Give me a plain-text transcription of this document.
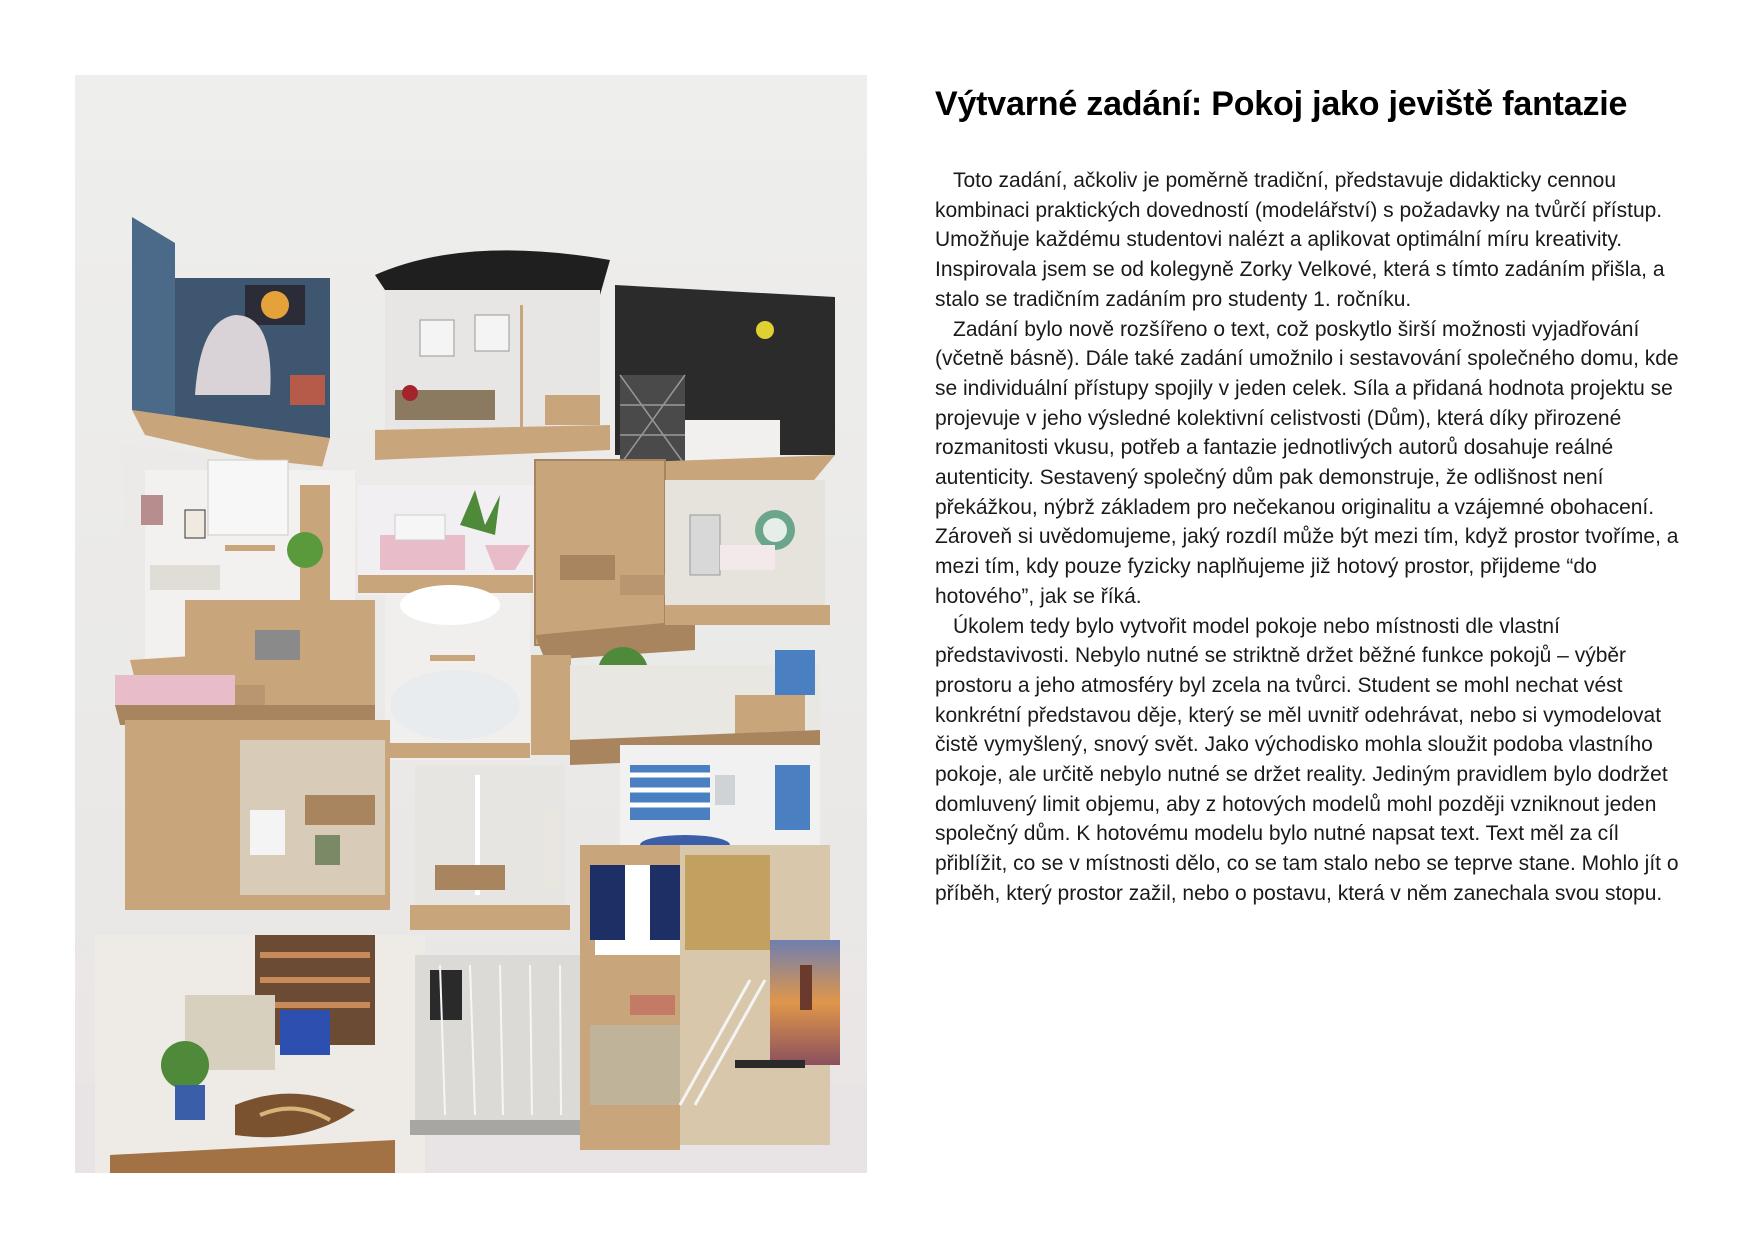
Výtvarné zadání: Pokoj jako jeviště fantazie

Toto zadání, ačkoliv je poměrně tradiční, představuje didakticky cennou kombinaci praktických dovedností (modelářství) s požadavky na tvůrčí přístup. Umožňuje každému studentovi nalézt a aplikovat optimální míru kreativity. Inspirovala jsem se od kolegyně Zorky Velkové, která s tímto zadáním přišla, a stalo se tradičním zadáním pro studenty 1. ročníku.

Zadání bylo nově rozšířeno o text, což poskytlo širší možnosti vyjadřování (včetně básně). Dále také zadání umožnilo i sestavování společného domu, kde se individuální přístupy spojily v jeden celek. Síla a přidaná hodnota projektu se projevuje v jeho výsledné kolektivní celistvosti (Dům), která díky přirozené rozmanitosti vkusu, potřeb a fantazie jednotlivých autorů dosahuje reálné autenticity. Sestavený společný dům pak demonstruje, že odlišnost není překážkou, nýbrž základem pro nečekanou originalitu a vzájemné obohacení. Zároveň si uvědomujeme, jaký rozdíl může být mezi tím, když prostor tvoříme, a mezi tím, kdy pouze fyzicky naplňujeme již hotový prostor, přijdeme “do hotového”, jak se říká.

Úkolem tedy bylo vytvořit model pokoje nebo místnosti dle vlastní představivosti. Nebylo nutné se striktně držet běžné funkce pokojů – výběr prostoru a jeho atmosféry byl zcela na tvůrci. Student se mohl nechat vést konkrétní představou děje, který se měl uvnitř odehrávat, nebo si vymodelovat čistě vymyšlený, snový svět. Jako východisko mohla sloužit podoba vlastního pokoje, ale určitě nebylo nutné se držet reality. Jediným pravidlem bylo dodržet domluvený limit objemu, aby z hotových modelů mohl později vzniknout jeden společný dům. K hotovému modelu bylo nutné napsat text. Text měl za cíl přiblížit, co se v místnosti dělo, co se tam stalo nebo se teprve stane. Mohlo jít o příběh, který prostor zažil, nebo o postavu, která v něm zanechala svou stopu.
